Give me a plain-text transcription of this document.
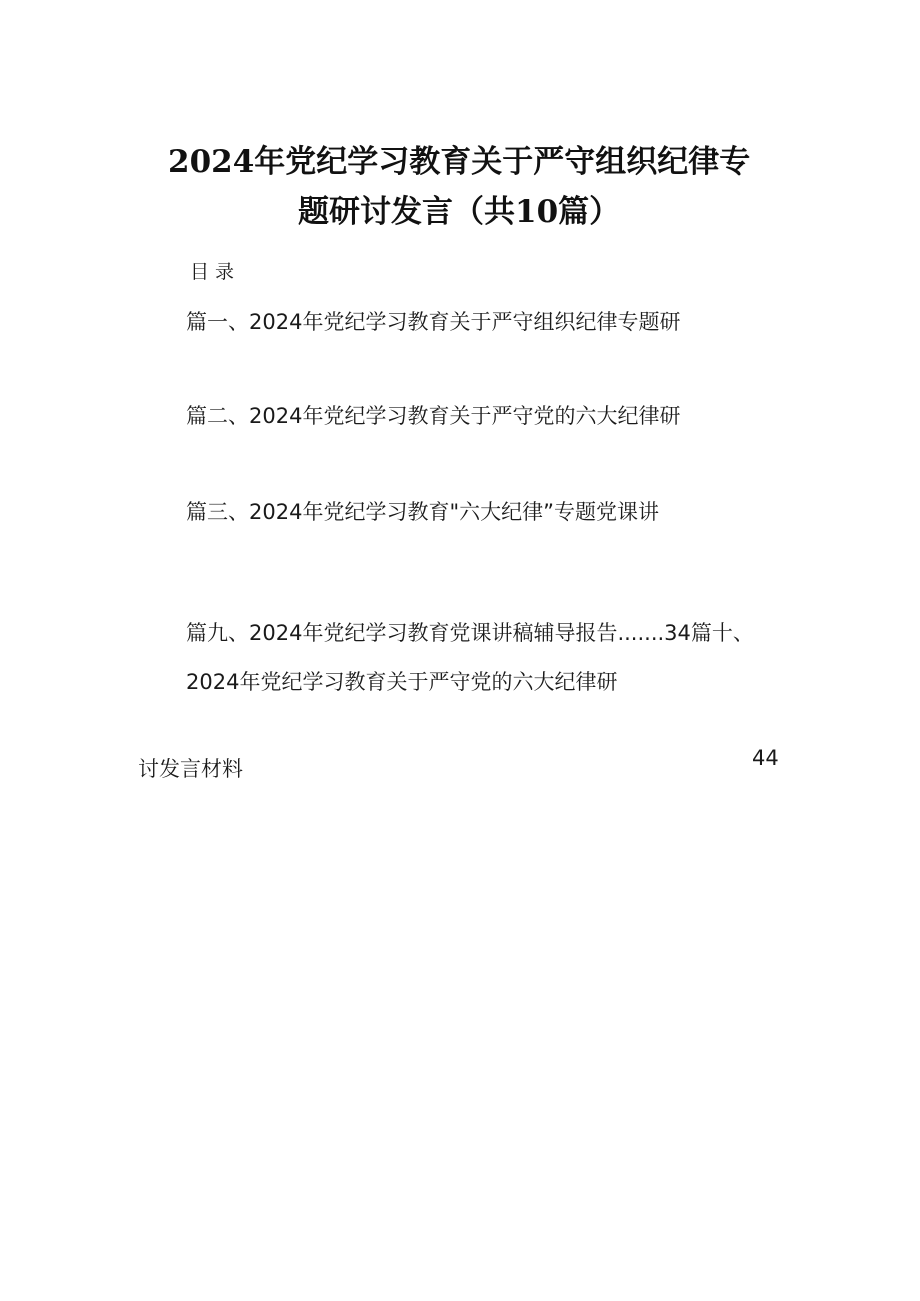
2024年党纪学习教育关于严守组织纪律专
题研讨发言（共10篇）
目录
篇一、2024年党纪学习教育关于严守组织纪律专题研
篇二、2024年党纪学习教育关于严守党的六大纪律研
篇三、2024年党纪学习教育"六大纪律”专题党课讲
篇九、2024年党纪学习教育党课讲稿辅导报告.......34篇十、
2024年党纪学习教育关于严守党的六大纪律研
讨发言材料	44
